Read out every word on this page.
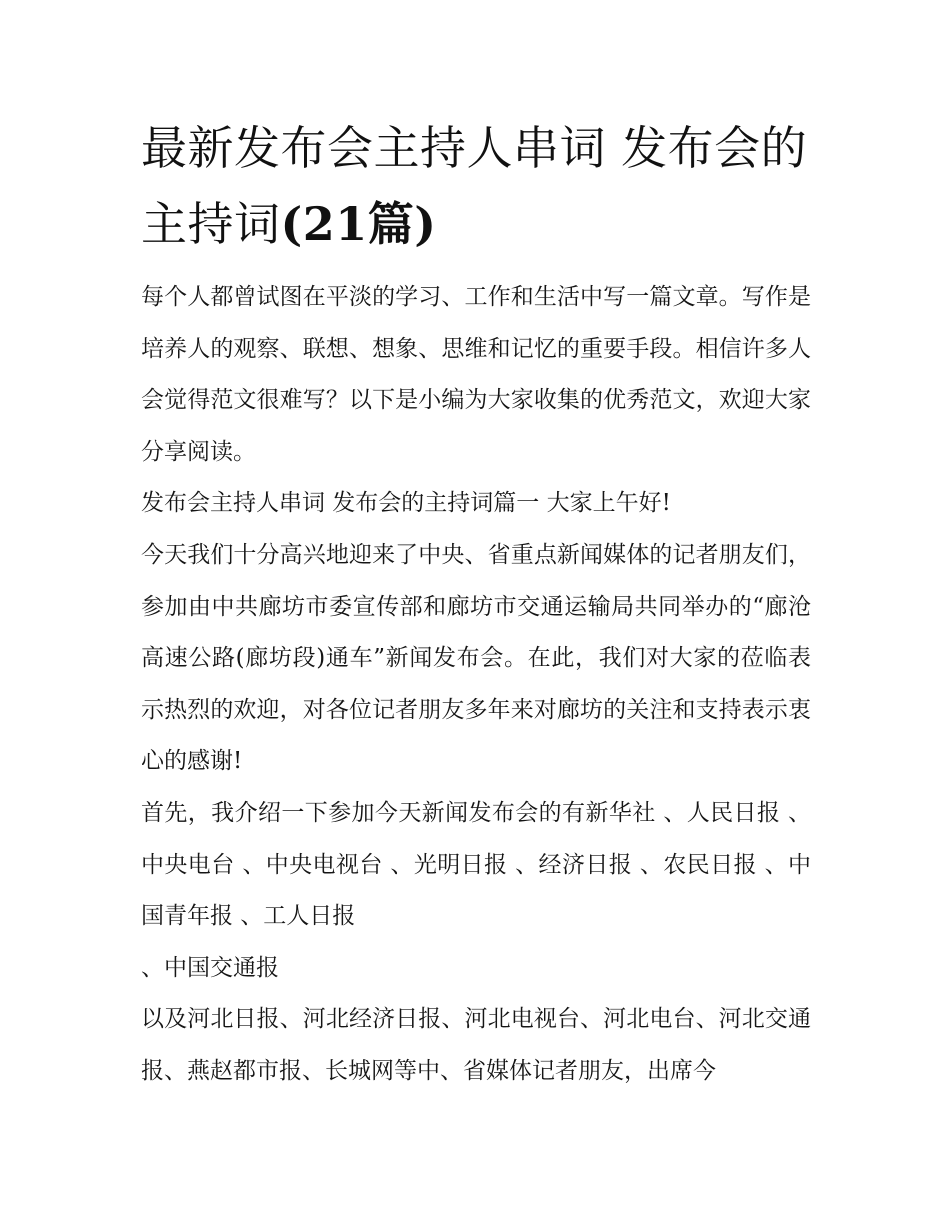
最新发布会主持人串词 发布会的主持词(21篇)

每个人都曾试图在平淡的学习、工作和生活中写一篇文章。写作是培养人的观察、联想、想象、思维和记忆的重要手段。相信许多人会觉得范文很难写？以下是小编为大家收集的优秀范文，欢迎大家分享阅读。

发布会主持人串词 发布会的主持词篇一 大家上午好!

今天我们十分高兴地迎来了中央、省重点新闻媒体的记者朋友们，参加由中共廊坊市委宣传部和廊坊市交通运输局共同举办的“廊沧高速公路(廊坊段)通车”新闻发布会。在此，我们对大家的莅临表示热烈的欢迎，对各位记者朋友多年来对廊坊的关注和支持表示衷心的感谢!

首先，我介绍一下参加今天新闻发布会的有新华社 、人民日报 、中央电台 、中央电视台 、光明日报 、经济日报 、农民日报 、中国青年报 、工人日报

、中国交通报

以及河北日报、河北经济日报、河北电视台、河北电台、河北交通报、燕赵都市报、长城网等中、省媒体记者朋友，出席今
